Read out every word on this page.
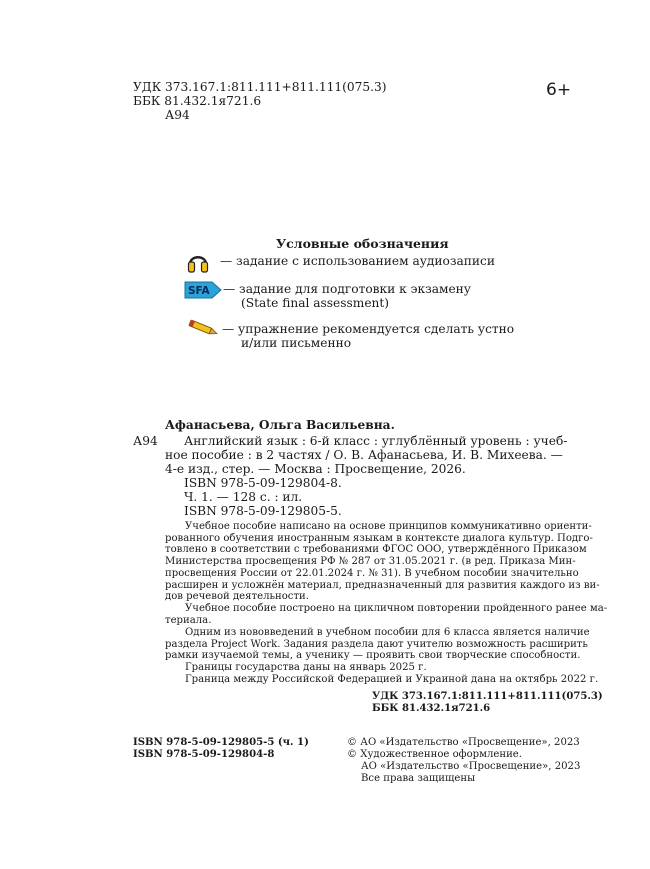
УДК 373.167.1:811.111+811.111(075.3)
ББК 81.432.1я721.6
А94
6+
Условные обозначения
— задание с использованием аудиозаписи
SFA — задание для подготовки к экзамену
(State final assessment)
— упражнение рекомендуется сделать устно
и/или письменно
Афанасьева, Ольга Васильевна.
А94 Английский язык : 6-й класс : углублённый уровень : учеб-
ное пособие : в 2 частях / О. В. Афанасьева, И. В. Михеева. —
4-е изд., стер. — Москва : Просвещение, 2026.
ISBN 978-5-09-129804-8.
Ч. 1. — 128 с. : ил.
ISBN 978-5-09-129805-5.
Учебное пособие написано на основе принципов коммуникативно ориенти-
рованного обучения иностранным языкам в контексте диалога культур. Подго-
товлено в соответствии с требованиями ФГОС ООО, утверждённого Приказом
Министерства просвещения РФ № 287 от 31.05.2021 г. (в ред. Приказа Мин-
просвещения России от 22.01.2024 г. № 31). В учебном пособии значительно
расширен и усложнён материал, предназначенный для развития каждого из ви-
дов речевой деятельности.
Учебное пособие построено на цикличном повторении пройденного ранее ма-
териала.
Одним из нововведений в учебном пособии для 6 класса является наличие
раздела Project Work. Задания раздела дают учителю возможность расширить
рамки изучаемой темы, а ученику — проявить свои творческие способности.
Границы государства даны на январь 2025 г.
Граница между Российской Федерацией и Украиной дана на октябрь 2022 г.
УДК 373.167.1:811.111+811.111(075.3)
ББК 81.432.1я721.6
ISBN 978-5-09-129805-5 (ч. 1)
ISBN 978-5-09-129804-8
© АО «Издательство «Просвещение», 2023
© Художественное оформление.
АО «Издательство «Просвещение», 2023
Все права защищены
